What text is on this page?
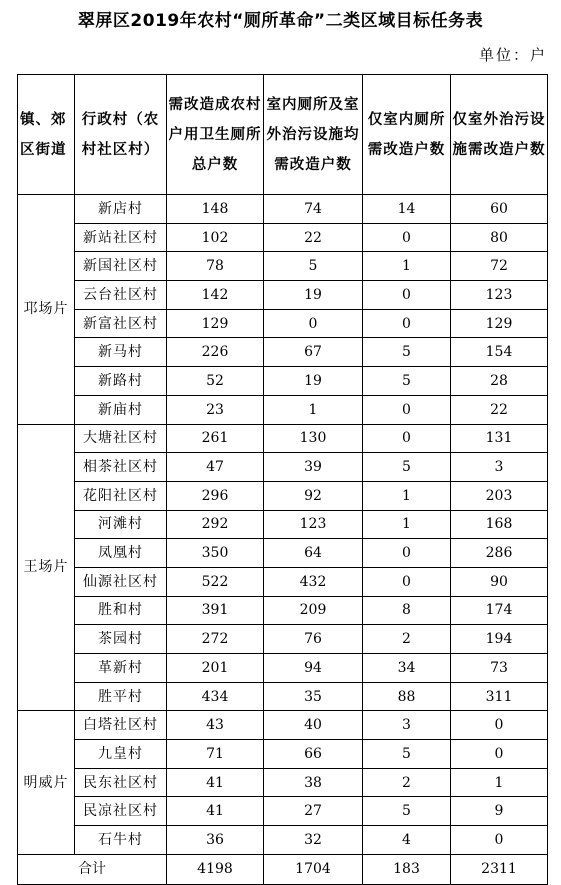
翠屏区2019年农村“厕所革命”二类区域目标任务表
单位：户
镇、郊区街道	行政村（农村社区村）	需改造成农村户用卫生厕所总户数	室内厕所及室外治污设施均需改造户数	仅室内厕所需改造户数	仅室外治污设施需改造户数
邛场片	新店村	148	74	14	60
	新站社区村	102	22	0	80
	新国社区村	78	5	1	72
	云台社区村	142	19	0	123
	新富社区村	129	0	0	129
	新马村	226	67	5	154
	新路村	52	19	5	28
	新庙村	23	1	0	22
王场片	大塘社区村	261	130	0	131
	相茶社区村	47	39	5	3
	花阳社区村	296	92	1	203
	河滩村	292	123	1	168
	凤凰村	350	64	0	286
	仙源社区村	522	432	0	90
	胜和村	391	209	8	174
	茶园村	272	76	2	194
	革新村	201	94	34	73
	胜平村	434	35	88	311
明威片	白塔社区村	43	40	3	0
	九皇村	71	66	5	0
	民东社区村	41	38	2	1
	民凉社区村	41	27	5	9
	石牛村	36	32	4	0
合计		4198	1704	183	2311
